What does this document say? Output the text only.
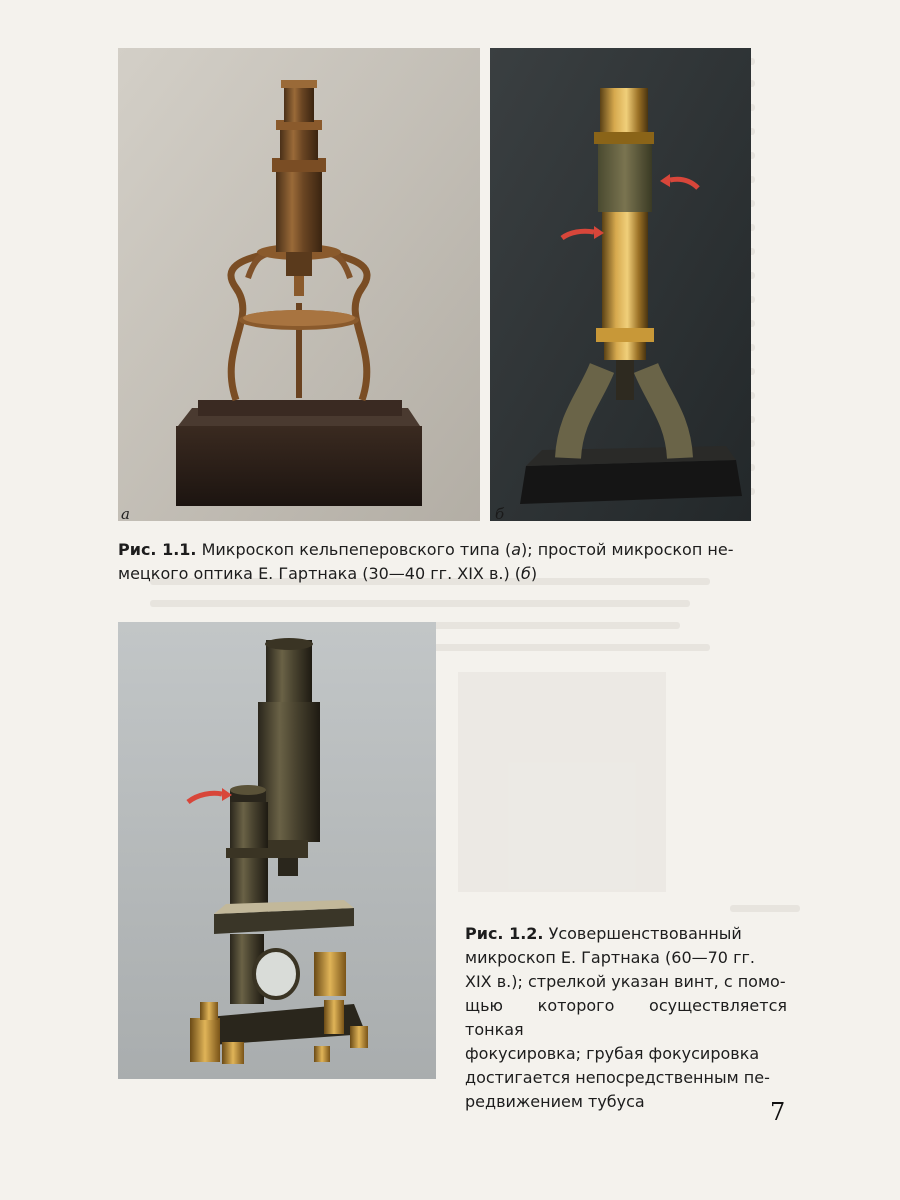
а	б
Рис. 1.1. Микроскоп кельпеперовского типа (а); простой микроскоп не-
мецкого оптика Е. Гартнака (30—40 гг. XIX в.) (б)
Рис. 1.2. Усовершенствованный
микроскоп Е. Гартнака (60—70 гг.
XIX в.); стрелкой указан винт, с помо-
щью которого осуществляется тонкая
фокусировка; грубая фокусировка
достигается непосредственным пе-
редвижением тубуса	7
